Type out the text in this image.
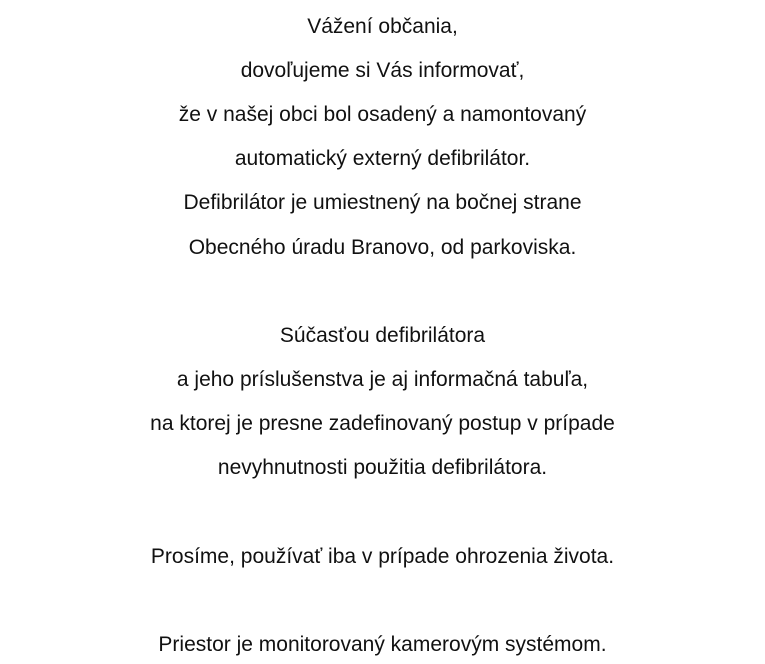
Vážení občania,
dovoľujeme si Vás informovať,
že v našej obci bol osadený a namontovaný
automatický externý defibrilátor.
Defibrilátor je umiestnený na bočnej strane
Obecného úradu Branovo, od parkoviska.
Súčasťou defibrilátora
a jeho príslušenstva je aj informačná tabuľa,
na ktorej je presne zadefinovaný postup v prípade
nevyhnutnosti použitia defibrilátora.
Prosíme, používať iba v prípade ohrozenia života.
Priestor je monitorovaný kamerovým systémom.
